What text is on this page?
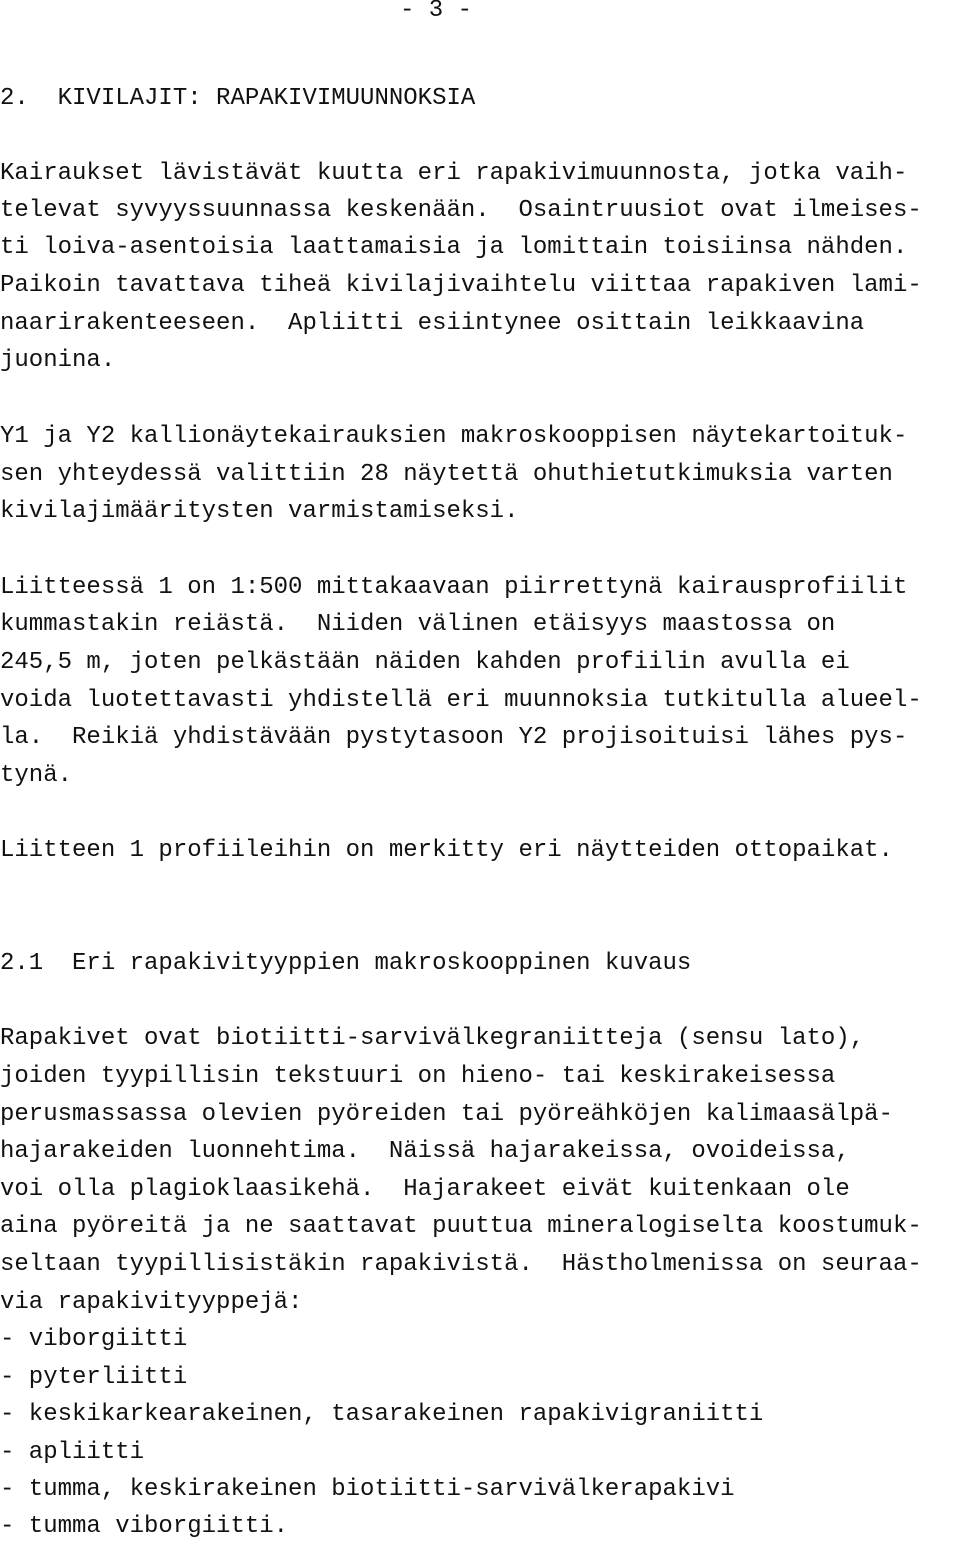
- 3 -
2.  KIVILAJIT: RAPAKIVIMUUNNOKSIA
Kairaukset lävistävät kuutta eri rapakivimuunnosta, jotka vaih-
televat syvyyssuunnassa keskenään.  Osaintruusiot ovat ilmeises-
ti loiva-asentoisia laattamaisia ja lomittain toisiinsa nähden.
Paikoin tavattava tiheä kivilajivaihtelu viittaa rapakiven lami-
naarirakenteeseen.  Apliitti esiintynee osittain leikkaavina
juonina.
Y1 ja Y2 kallionäytekairauksien makroskooppisen näytekartoituk-
sen yhteydessä valittiin 28 näytettä ohuthietutkimuksia varten
kivilajimääritysten varmistamiseksi.
Liitteessä 1 on 1:500 mittakaavaan piirrettynä kairausprofiilit
kummastakin reiästä.  Niiden välinen etäisyys maastossa on
245,5 m, joten pelkästään näiden kahden profiilin avulla ei
voida luotettavasti yhdistellä eri muunnoksia tutkitulla alueel-
la.  Reikiä yhdistävään pystytasoon Y2 projisoituisi lähes pys-
tynä.
Liitteen 1 profiileihin on merkitty eri näytteiden ottopaikat.
2.1  Eri rapakivityyppien makroskooppinen kuvaus
Rapakivet ovat biotiitti-sarvivälkegraniitteja (sensu lato),
joiden tyypillisin tekstuuri on hieno- tai keskirakeisessa
perusmassassa olevien pyöreiden tai pyöreähköjen kalimaasälpä-
hajarakeiden luonnehtima.  Näissä hajarakeissa, ovoideissa,
voi olla plagioklaasikehä.  Hajarakeet eivät kuitenkaan ole
aina pyöreitä ja ne saattavat puuttua mineralogiselta koostumuk-
seltaan tyypillisistäkin rapakivistä.  Hästholmenissa on seuraa-
via rapakivityyppejä:
- viborgiitti
- pyterliitti
- keskikarkearakeinen, tasarakeinen rapakivigraniitti
- apliitti
- tumma, keskirakeinen biotiitti-sarvivälkerapakivi
- tumma viborgiitti.
